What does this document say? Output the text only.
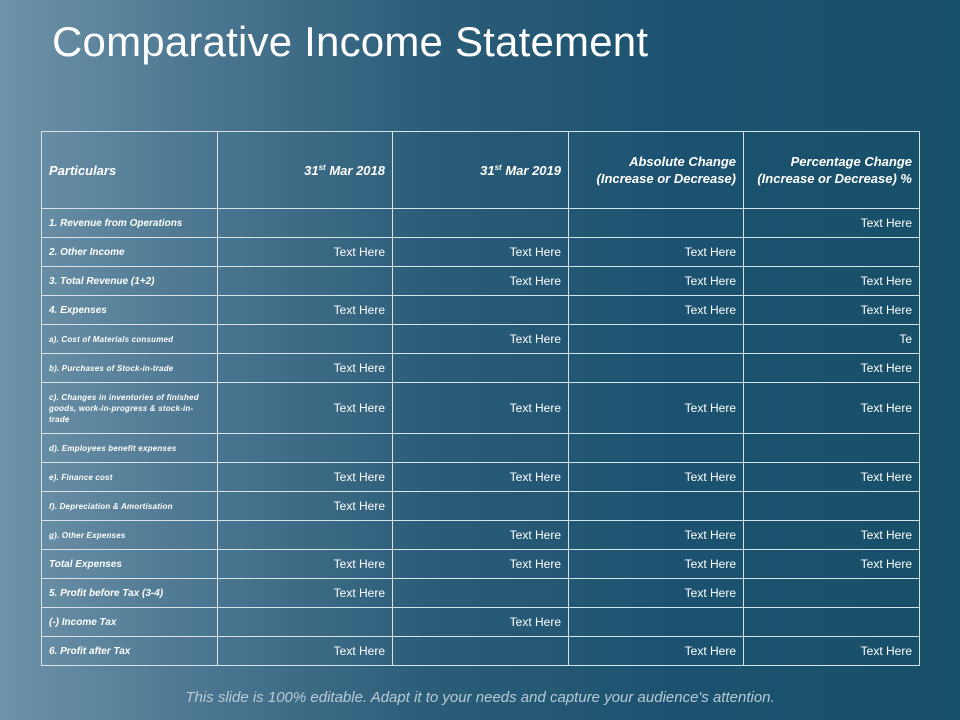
Comparative Income Statement
Particulars	31st Mar 2018	31st Mar 2019	Absolute Change (Increase or Decrease)	Percentage Change (Increase or Decrease) %
1. Revenue from Operations				Text Here
2. Other Income	Text Here	Text Here	Text Here	
3. Total Revenue (1+2)		Text Here	Text Here	Text Here
4. Expenses	Text Here		Text Here	Text Here
a). Cost of Materials consumed		Text Here		Te
b). Purchases of Stock-in-trade	Text Here			Text Here
c). Changes in inventories of finished goods, work-in-progress & stock-in-trade	Text Here	Text Here	Text Here	Text Here
d). Employees benefit expenses				
e). Finance cost	Text Here	Text Here	Text Here	Text Here
f). Depreciation & Amortisation	Text Here			
g). Other Expenses		Text Here	Text Here	Text Here
Total Expenses	Text Here	Text Here	Text Here	Text Here
5. Profit before Tax (3-4)	Text Here		Text Here	
(-) Income Tax		Text Here		
6. Profit after Tax	Text Here		Text Here	Text Here
This slide is 100% editable. Adapt it to your needs and capture your audience's attention.
